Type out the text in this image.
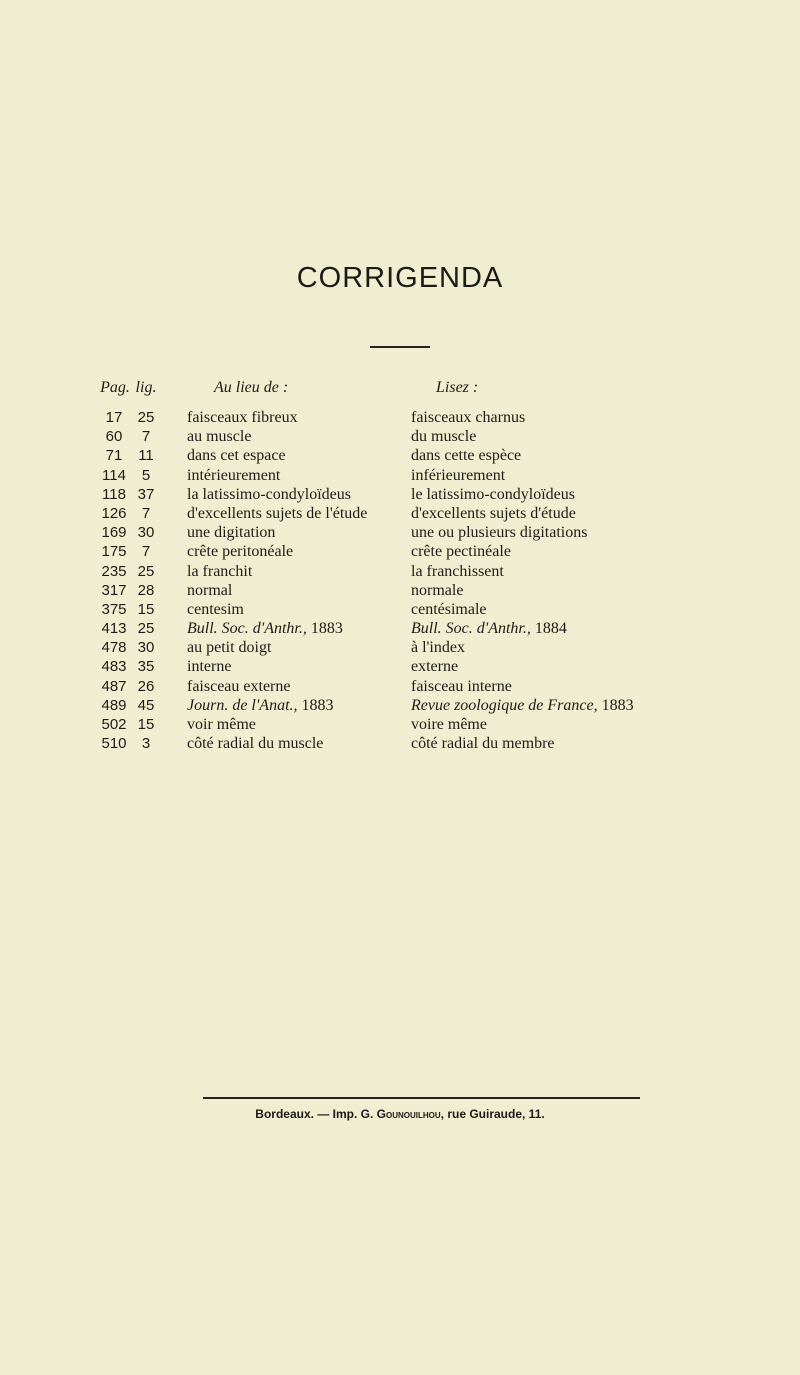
CORRIGENDA
Pag. lig.	Au lieu de :	Lisez :
17	25	faisceaux fibreux	faisceaux charnus
60	7	au muscle	du muscle
71	11	dans cet espace	dans cette espèce
114	5	intérieurement	inférieurement
118 37	la latissimo-condyloïdeus	le latissimo-condyloïdeus
126	7	d'excellents sujets de l'étude	d'excellents sujets d'étude
169 30	une digitation	une ou plusieurs digitations
175	7	crête peritonéale	crête pectinéale
235 25	la franchit	la franchissent
317 28	normal	normale
375 15	centesim	centésimale
413 25	Bull. Soc. d'Anthr., 1883	Bull. Soc. d'Anthr., 1884
478 30	au petit doigt	à l'index
483 35	interne	externe
487 26	faisceau externe	faisceau interne
489 45	Journ. de l'Anat., 1883	Revue zoologique de France, 1883
502 15	voir même	voire même
510	3	côté radial du muscle	côté radial du membre
Bordeaux. — Imp. G. Gounouilhou, rue Guiraude, 11.
